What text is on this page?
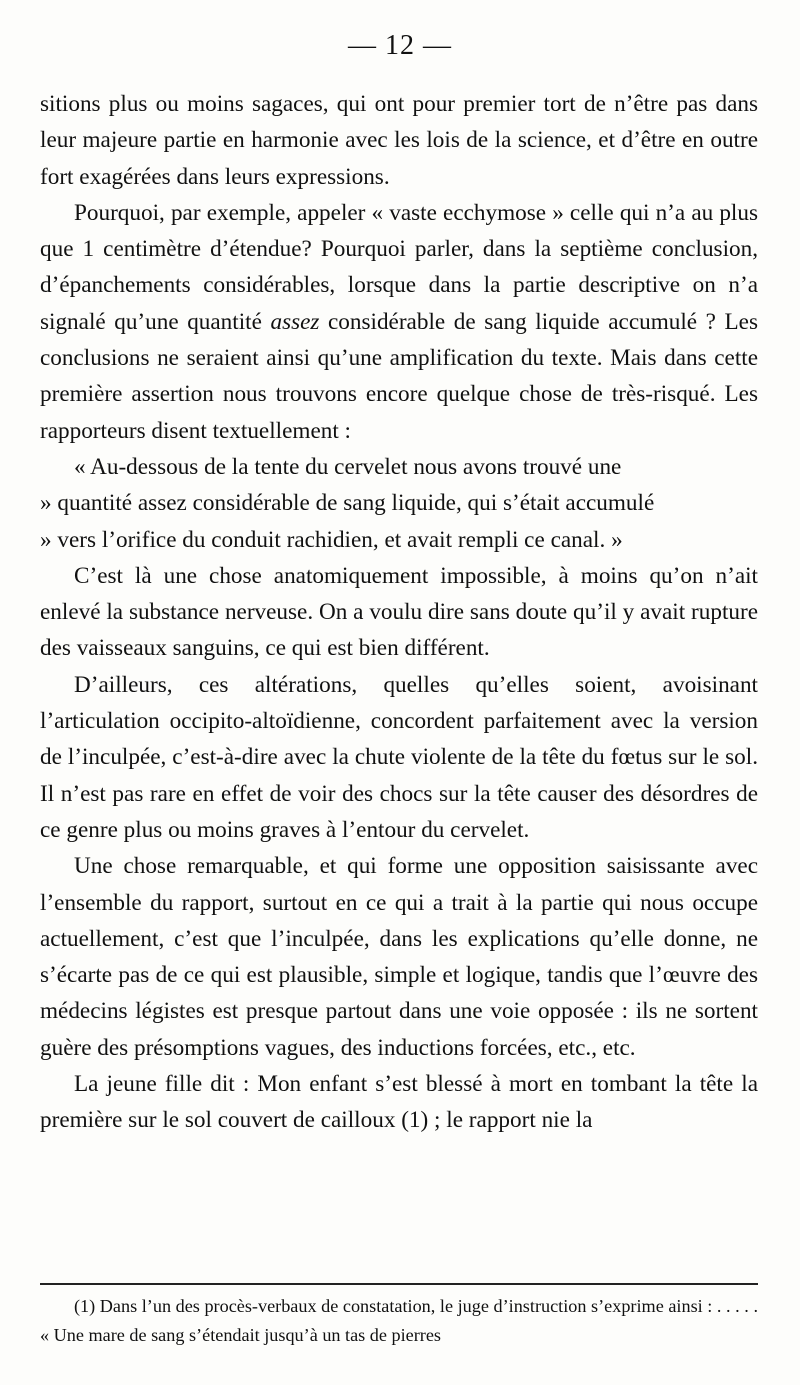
— 12 —

sitions plus ou moins sagaces, qui ont pour premier tort de n’être pas dans leur majeure partie en harmonie avec les lois de la science, et d’être en outre fort exagérées dans leurs expressions.

Pourquoi, par exemple, appeler « vaste ecchymose » celle qui n’a au plus que 1 centimètre d’étendue? Pourquoi parler, dans la septième conclusion, d’épanchements considérables, lorsque dans la partie descriptive on n’a signalé qu’une quantité assez considérable de sang liquide accumulé ? Les conclusions ne seraient ainsi qu’une amplification du texte. Mais dans cette première assertion nous trouvons encore quelque chose de très-risqué. Les rapporteurs disent textuellement :

« Au-dessous de la tente du cervelet nous avons trouvé une
» quantité assez considérable de sang liquide, qui s’était accumulé
» vers l’orifice du conduit rachidien, et avait rempli ce canal. »

C’est là une chose anatomiquement impossible, à moins qu’on n’ait enlevé la substance nerveuse. On a voulu dire sans doute qu’il y avait rupture des vaisseaux sanguins, ce qui est bien différent.

D’ailleurs, ces altérations, quelles qu’elles soient, avoisinant l’articulation occipito-altoïdienne, concordent parfaitement avec la version de l’inculpée, c’est-à-dire avec la chute violente de la tête du fœtus sur le sol. Il n’est pas rare en effet de voir des chocs sur la tête causer des désordres de ce genre plus ou moins graves à l’entour du cervelet.

Une chose remarquable, et qui forme une opposition saisissante avec l’ensemble du rapport, surtout en ce qui a trait à la partie qui nous occupe actuellement, c’est que l’inculpée, dans les explications qu’elle donne, ne s’écarte pas de ce qui est plausible, simple et logique, tandis que l’œuvre des médecins légistes est presque partout dans une voie opposée : ils ne sortent guère des présomptions vagues, des inductions forcées, etc., etc.

La jeune fille dit : Mon enfant s’est blessé à mort en tombant la tête la première sur le sol couvert de cailloux (1) ; le rapport nie la

(1) Dans l’un des procès-verbaux de constatation, le juge d’instruction s’exprime ainsi : . . . . . « Une mare de sang s’étendait jusqu’à un tas de pierres
